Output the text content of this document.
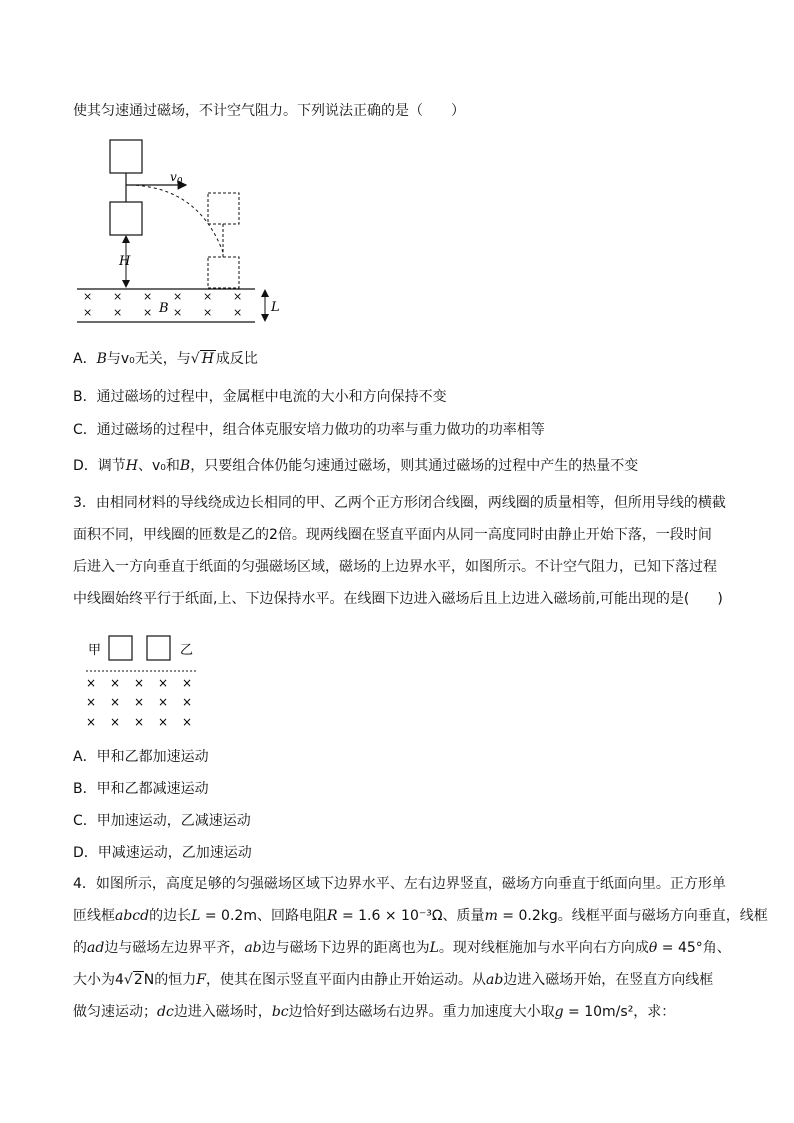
使其匀速通过磁场，不计空气阻力。下列说法正确的是（　　）
$v_0$
H
× × × × × ×
× × × × × ×
B	L
A．B与v₀无关，与√ H 成反比
B．通过磁场的过程中，金属框中电流的大小和方向保持不变
C．通过磁场的过程中，组合体克服安培力做功的功率与重力做功的功率相等
D．调节H、v₀和B，只要组合体仍能匀速通过磁场，则其通过磁场的过程中产生的热量不变
3．由相同材料的导线绕成边长相同的甲、乙两个正方形闭合线圈，两线圈的质量相等，但所用导线的横截
面积不同，甲线圈的匝数是乙的2倍。现两线圈在竖直平面内从同一高度同时由静止开始下落，一段时间
后进入一方向垂直于纸面的匀强磁场区域，磁场的上边界水平，如图所示。不计空气阻力，已知下落过程
中线圈始终平行于纸面,上、下边保持水平。在线圈下边进入磁场后且上边进入磁场前,可能出现的是(　　)
甲	乙
× × × × ×
× × × × ×
× × × × ×
A．甲和乙都加速运动
B．甲和乙都减速运动
C．甲加速运动，乙减速运动
D．甲减速运动，乙加速运动
4．如图所示，高度足够的匀强磁场区域下边界水平、左右边界竖直，磁场方向垂直于纸面向里。正方形单
匝线框abcd的边长L = 0.2m、回路电阻R = 1.6 × 10⁻³Ω、质量m = 0.2kg。线框平面与磁场方向垂直，线框
的ad边与磁场左边界平齐，ab边与磁场下边界的距离也为L。现对线框施加与水平向右方向成θ = 45°角、
大小为4√2N的恒力F，使其在图示竖直平面内由静止开始运动。从ab边进入磁场开始，在竖直方向线框
做匀速运动；dc边进入磁场时，bc边恰好到达磁场右边界。重力加速度大小取g = 10m/s²，求：
